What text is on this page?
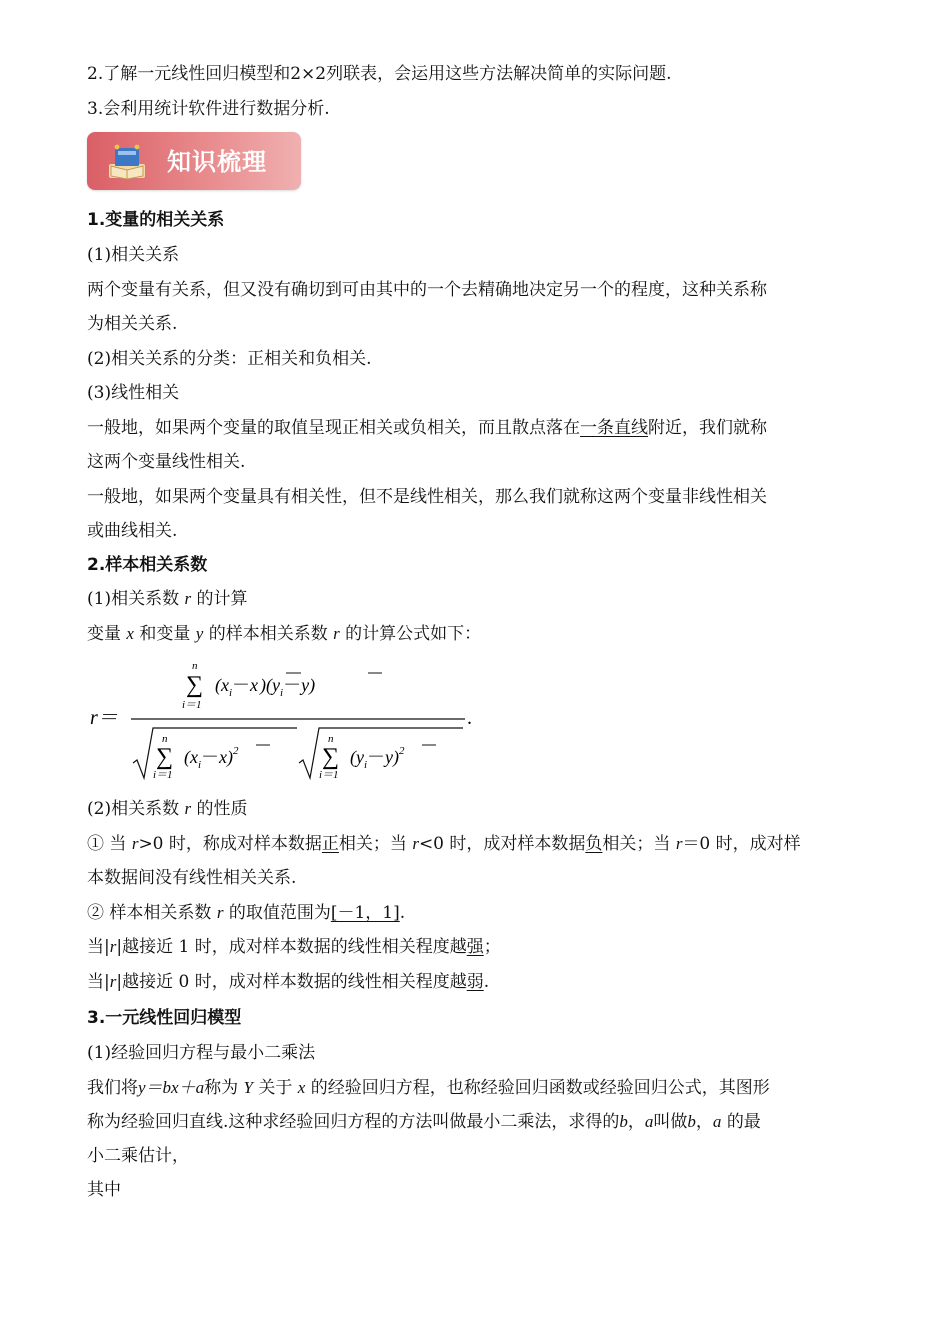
2.了解一元线性回归模型和2×2列联表，会运用这些方法解决简单的实际问题.
3.会利用统计软件进行数据分析.
知识梳理
1.变量的相关关系
(1)相关关系
两个变量有关系，但又没有确切到可由其中的一个去精确地决定另一个的程度，这种关系称
为相关关系.
(2)相关关系的分类：正相关和负相关.
(3)线性相关
一般地，如果两个变量的取值呈现正相关或负相关，而且散点落在一条直线附近，我们就称
这两个变量线性相关.
一般地，如果两个变量具有相关性，但不是线性相关，那么我们就称这两个变量非线性相关
或曲线相关.
2.样本相关系数
(1)相关系数 r 的计算
变量 x 和变量 y 的样本相关系数 r 的计算公式如下：
r＝
n
∑
i＝1
($x_i-x$ )$(y_i-y)$
.
n
∑
i＝1
$(x_i-x)^2$
n
∑
i＝1
$(y_i-y)^2$
(2)相关系数 r 的性质
① 当 r>0 时，称成对样本数据正相关；当 r<0 时，成对样本数据负相关；当 r＝0 时，成对样
本数据间没有线性相关关系.
② 样本相关系数 r 的取值范围为[－1，1].
当|r|越接近 1 时，成对样本数据的线性相关程度越强；
当|r|越接近 0 时，成对样本数据的线性相关程度越弱.
3.一元线性回归模型
(1)经验回归方程与最小二乘法
我们将y＝bx＋a称为 Y 关于 x 的经验回归方程，也称经验回归函数或经验回归公式，其图形
称为经验回归直线.这种求经验回归方程的方法叫做最小二乘法，求得的b，a叫做b，a 的最
小二乘估计，
其中
